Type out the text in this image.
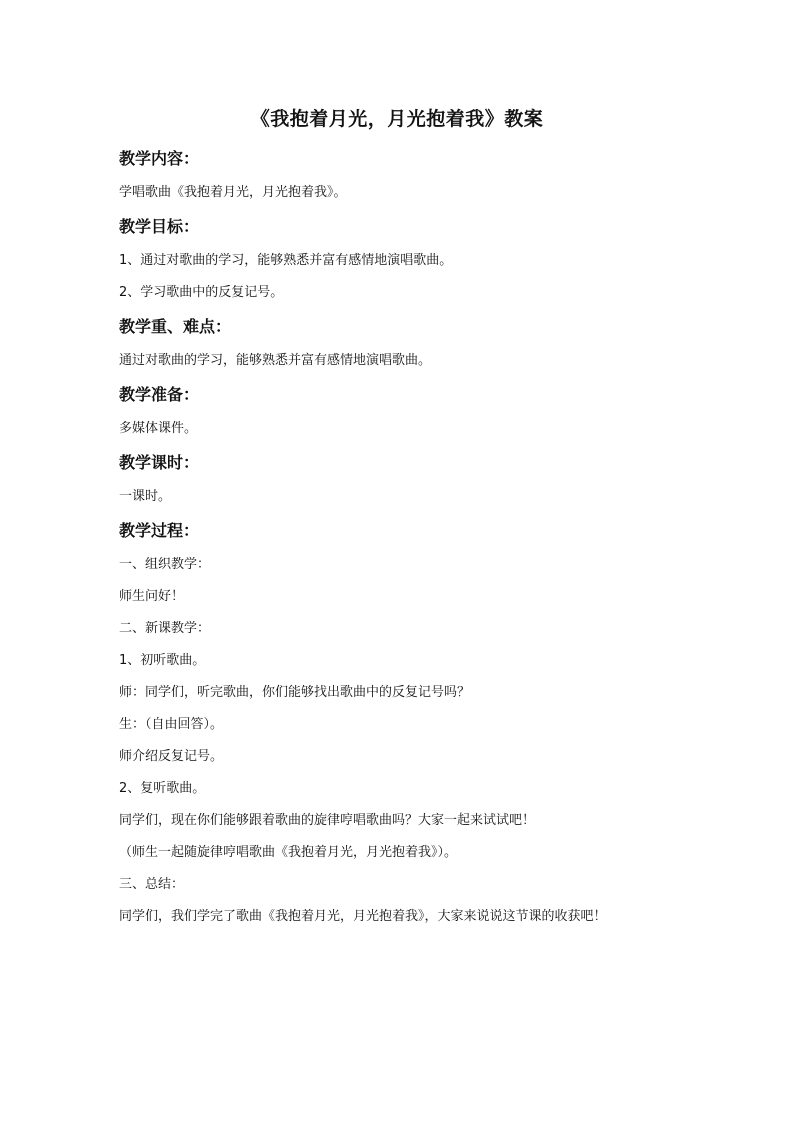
《我抱着月光，月光抱着我》教案
教学内容：
学唱歌曲《我抱着月光，月光抱着我》。
教学目标：
1、通过对歌曲的学习，能够熟悉并富有感情地演唱歌曲。
2、学习歌曲中的反复记号。
教学重、难点：
通过对歌曲的学习，能够熟悉并富有感情地演唱歌曲。
教学准备：
多媒体课件。
教学课时：
一课时。
教学过程：
一、组织教学：
师生问好！
二、新课教学：
1、初听歌曲。
师：同学们，听完歌曲，你们能够找出歌曲中的反复记号吗？
生：（自由回答）。
师介绍反复记号。
2、复听歌曲。
同学们，现在你们能够跟着歌曲的旋律哼唱歌曲吗？大家一起来试试吧！
（师生一起随旋律哼唱歌曲《我抱着月光，月光抱着我》）。
三、总结：
同学们，我们学完了歌曲《我抱着月光，月光抱着我》，大家来说说这节课的收获吧！
